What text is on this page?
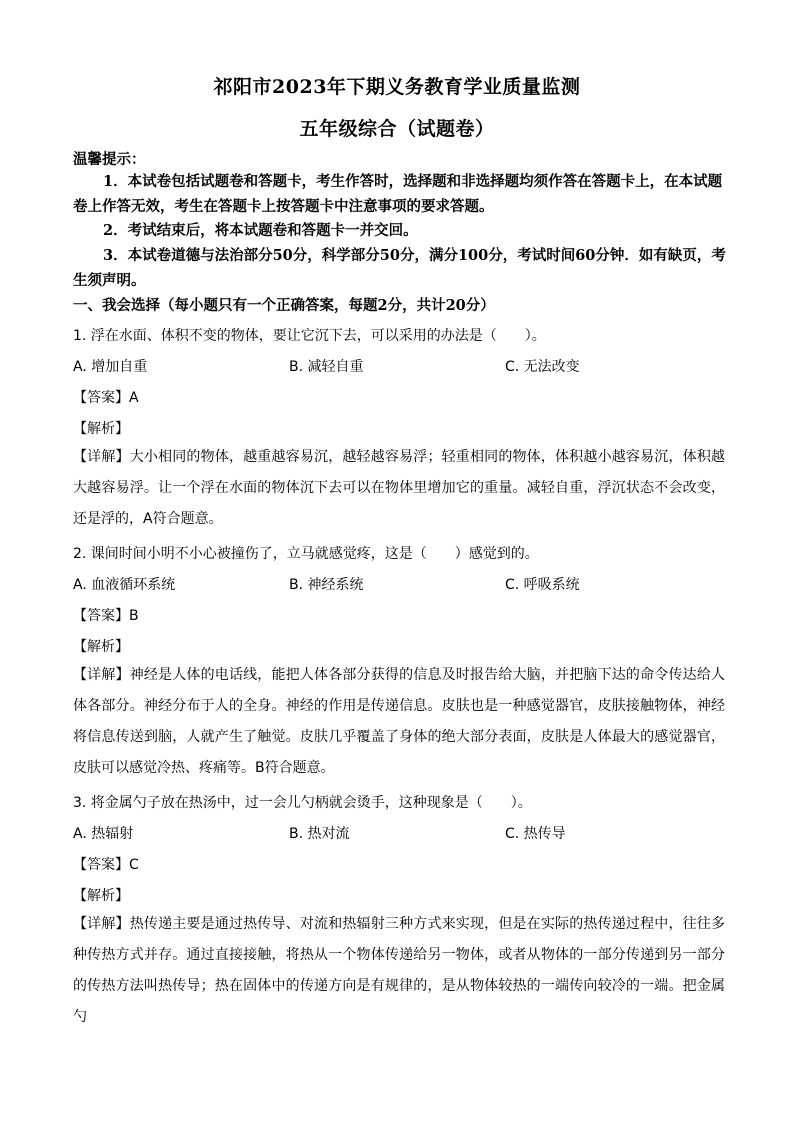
祁阳市2023年下期义务教育学业质量监测
五年级综合（试题卷）
温馨提示：
1．本试卷包括试题卷和答题卡，考生作答时，选择题和非选择题均须作答在答题卡上，在本试题卷上作答无效，考生在答题卡上按答题卡中注意事项的要求答题。
2．考试结束后，将本试题卷和答题卡一并交回。
3．本试卷道德与法治部分50分，科学部分50分，满分100分，考试时间60分钟．如有缺页，考生须声明。
一、我会选择（每小题只有一个正确答案，每题2分，共计20分）
1. 浮在水面、体积不变的物体，要让它沉下去，可以采用的办法是（　　）。
A. 增加自重	B. 减轻自重	C. 无法改变
【答案】A
【解析】
【详解】大小相同的物体，越重越容易沉，越轻越容易浮；轻重相同的物体，体积越小越容易沉，体积越大越容易浮。让一个浮在水面的物体沉下去可以在物体里增加它的重量。减轻自重，浮沉状态不会改变，还是浮的，A符合题意。
2. 课间时间小明不小心被撞伤了，立马就感觉疼，这是（　　）感觉到的。
A. 血液循环系统	B. 神经系统	C. 呼吸系统
【答案】B
【解析】
【详解】神经是人体的电话线，能把人体各部分获得的信息及时报告给大脑，并把脑下达的命令传达给人体各部分。神经分布于人的全身。神经的作用是传递信息。皮肤也是一种感觉器官，皮肤接触物体，神经将信息传送到脑，人就产生了触觉。皮肤几乎覆盖了身体的绝大部分表面，皮肤是人体最大的感觉器官，皮肤可以感觉冷热、疼痛等。B符合题意。
3. 将金属勺子放在热汤中，过一会儿勺柄就会烫手，这种现象是（　　）。
A. 热辐射	B. 热对流	C. 热传导
【答案】C
【解析】
【详解】热传递主要是通过热传导、对流和热辐射三种方式来实现，但是在实际的热传递过程中，往往多种传热方式并存。通过直接接触，将热从一个物体传递给另一物体，或者从物体的一部分传递到另一部分的传热方法叫热传导；热在固体中的传递方向是有规律的，是从物体较热的一端传向较冷的一端。把金属勺
